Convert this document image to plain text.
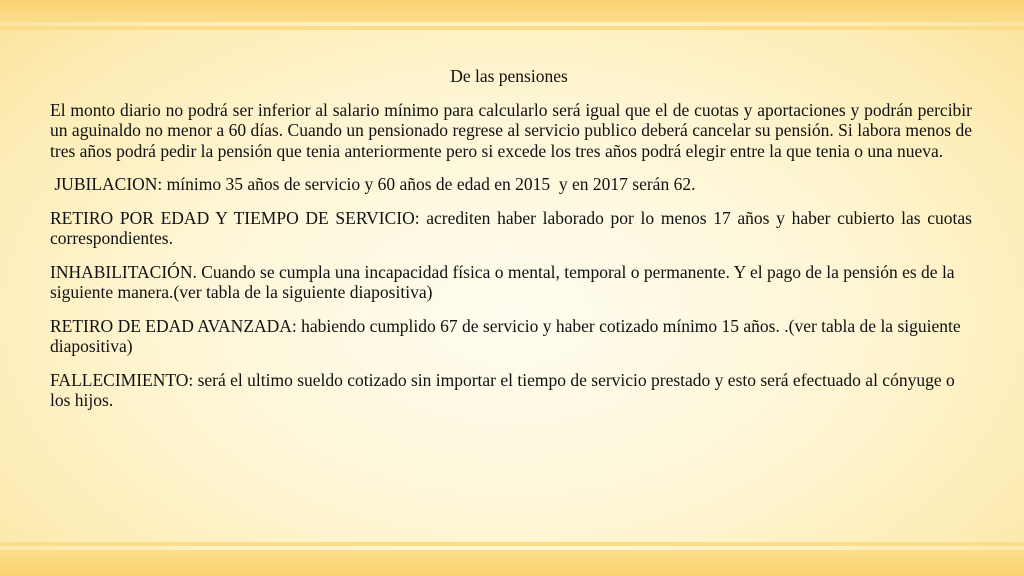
De las pensiones

El monto diario no podrá ser inferior al salario mínimo para calcularlo será igual que el de cuotas y aportaciones y podrán percibir un aguinaldo no menor a 60 días. Cuando un pensionado regrese al servicio publico deberá cancelar su pensión. Si labora menos de tres años podrá pedir la pensión que tenia anteriormente pero si excede los tres años podrá elegir entre la que tenia o una nueva.

JUBILACION: mínimo 35 años de servicio y 60 años de edad en 2015  y en 2017 serán 62.

RETIRO POR EDAD Y TIEMPO DE SERVICIO: acrediten haber laborado por lo menos 17 años y haber cubierto las cuotas correspondientes.

INHABILITACIÓN. Cuando se cumpla una incapacidad física o mental, temporal o permanente. Y el pago de la pensión es de la siguiente manera.(ver tabla de la siguiente diapositiva)

RETIRO DE EDAD AVANZADA: habiendo cumplido 67 de servicio y haber cotizado mínimo 15 años. .(ver tabla de la siguiente diapositiva)

FALLECIMIENTO: será el ultimo sueldo cotizado sin importar el tiempo de servicio prestado y esto será efectuado al cónyuge o los hijos.
